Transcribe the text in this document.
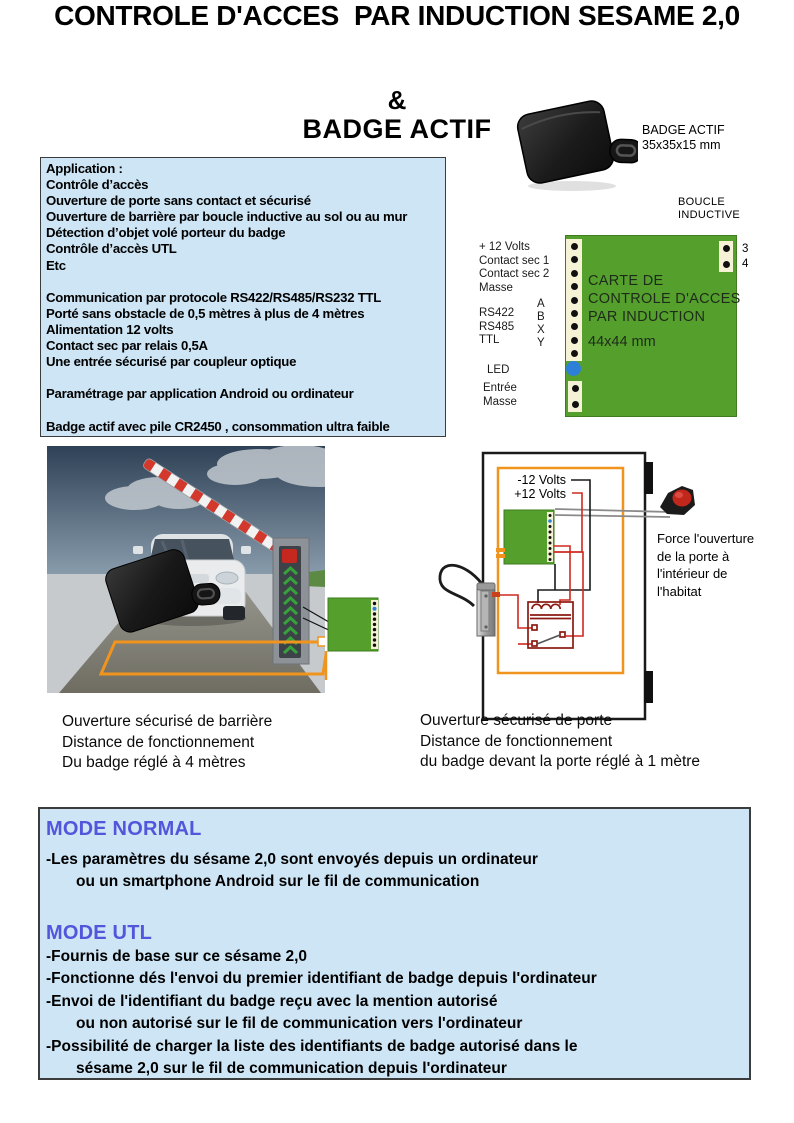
CONTROLE D'ACCES  PAR INDUCTION SESAME 2,0
&
BADGE ACTIF	BADGE ACTIF
35x35x15 mm
Application :
Contrôle d’accès
Ouverture de porte sans contact et sécurisé
Ouverture de barrière par boucle inductive au sol ou au mur
Détection d’objet volé porteur du badge
Contrôle d’accès UTL
Etc
Communication par protocole RS422/RS485/RS232 TTL
Porté sans obstacle de 0,5 mètres à plus de 4 mètres
Alimentation 12 volts
Contact sec par relais 0,5A
Une entrée sécurisé par coupleur optique
Paramétrage par application Android ou ordinateur
Badge actif avec pile CR2450 , consommation ultra faible
BOUCLE
INDUCTIVE
3
4
CARTE DE
CONTROLE D'ACCES
PAR INDUCTION
44x44 mm
+ 12 Volts
Contact sec 1
Contact sec 2
Masse
RS422
RS485
TTL
A
B
X
Y
LED
Entrée
Masse
-12 Volts
+12 Volts
Force l'ouverture
de la porte à
l'intérieur de
l'habitat
Ouverture sécurisé de barrière
Distance de fonctionnement
Du badge réglé à 4 mètres
Ouverture sécurisé de porte
Distance de fonctionnement
du badge devant la porte réglé à 1 mètre
MODE NORMAL
-Les paramètres du sésame 2,0 sont envoyés depuis un ordinateur
ou un smartphone Android sur le fil de communication
MODE UTL
-Fournis de base sur ce sésame 2,0
-Fonctionne dés l'envoi du premier identifiant de badge depuis l'ordinateur
-Envoi de l'identifiant du badge reçu avec la mention autorisé
ou non autorisé sur le fil de communication vers l'ordinateur
-Possibilité de charger la liste des identifiants de badge autorisé dans le
sésame 2,0 sur le fil de communication depuis l'ordinateur
